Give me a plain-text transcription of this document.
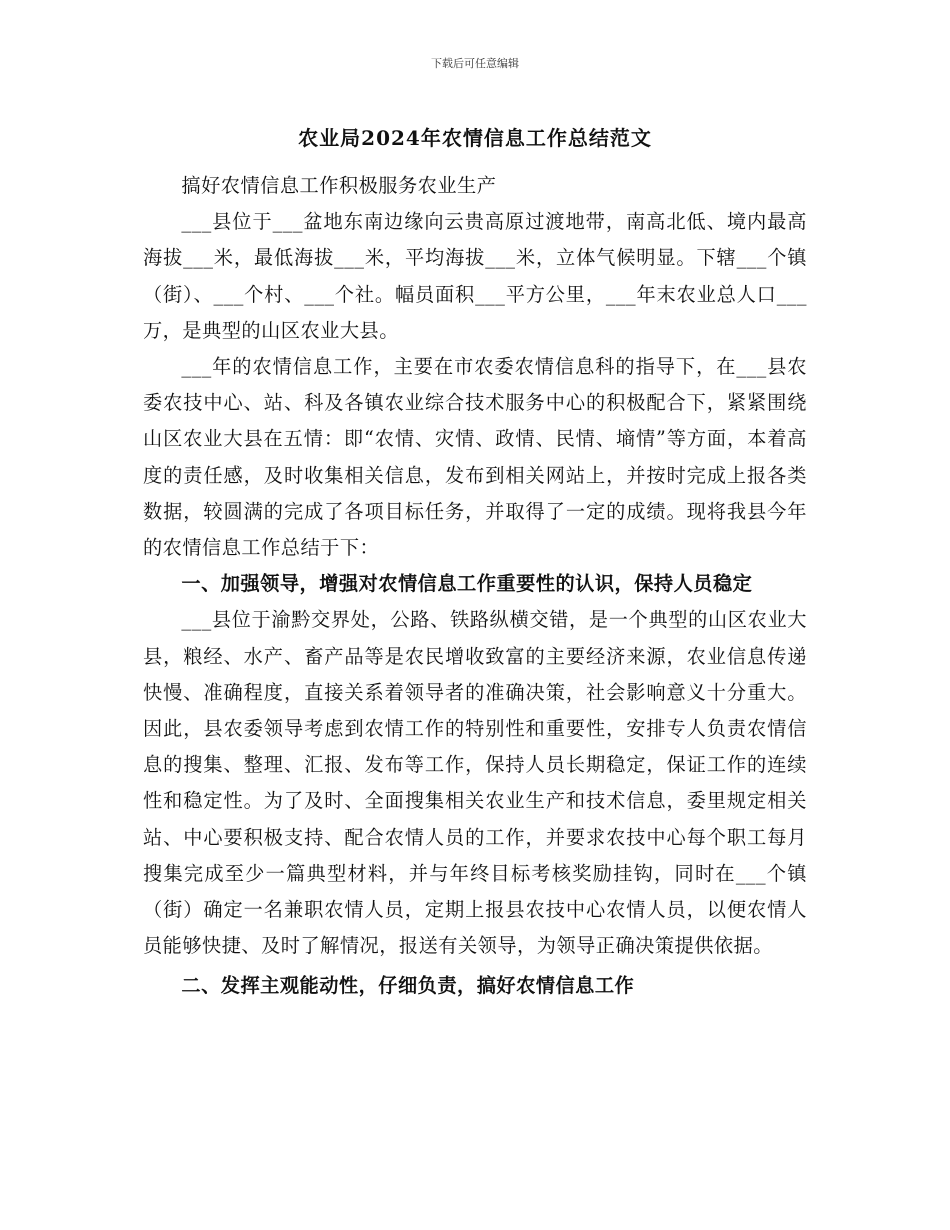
下载后可任意编辑
农业局2024年农情信息工作总结范文

搞好农情信息工作积极服务农业生产

___县位于___盆地东南边缘向云贵高原过渡地带，南高北低、境内最高海拔___米，最低海拔___米，平均海拔___米，立体气候明显。下辖___个镇（街）、___个村、___个社。幅员面积___平方公里，___年末农业总人口___万，是典型的山区农业大县。

___年的农情信息工作，主要在市农委农情信息科的指导下，在___县农委农技中心、站、科及各镇农业综合技术服务中心的积极配合下，紧紧围绕山区农业大县在五情：即“农情、灾情、政情、民情、墒情”等方面，本着高度的责任感，及时收集相关信息，发布到相关网站上，并按时完成上报各类数据，较圆满的完成了各项目标任务，并取得了一定的成绩。现将我县今年的农情信息工作总结于下：

一、加强领导，增强对农情信息工作重要性的认识，保持人员稳定

___县位于渝黔交界处，公路、铁路纵横交错，是一个典型的山区农业大县，粮经、水产、畜产品等是农民增收致富的主要经济来源，农业信息传递快慢、准确程度，直接关系着领导者的准确决策，社会影响意义十分重大。因此，县农委领导考虑到农情工作的特别性和重要性，安排专人负责农情信息的搜集、整理、汇报、发布等工作，保持人员长期稳定，保证工作的连续性和稳定性。为了及时、全面搜集相关农业生产和技术信息，委里规定相关站、中心要积极支持、配合农情人员的工作，并要求农技中心每个职工每月搜集完成至少一篇典型材料，并与年终目标考核奖励挂钩，同时在___个镇（街）确定一名兼职农情人员，定期上报县农技中心农情人员，以便农情人员能够快捷、及时了解情况，报送有关领导，为领导正确决策提供依据。

二、发挥主观能动性，仔细负责，搞好农情信息工作
